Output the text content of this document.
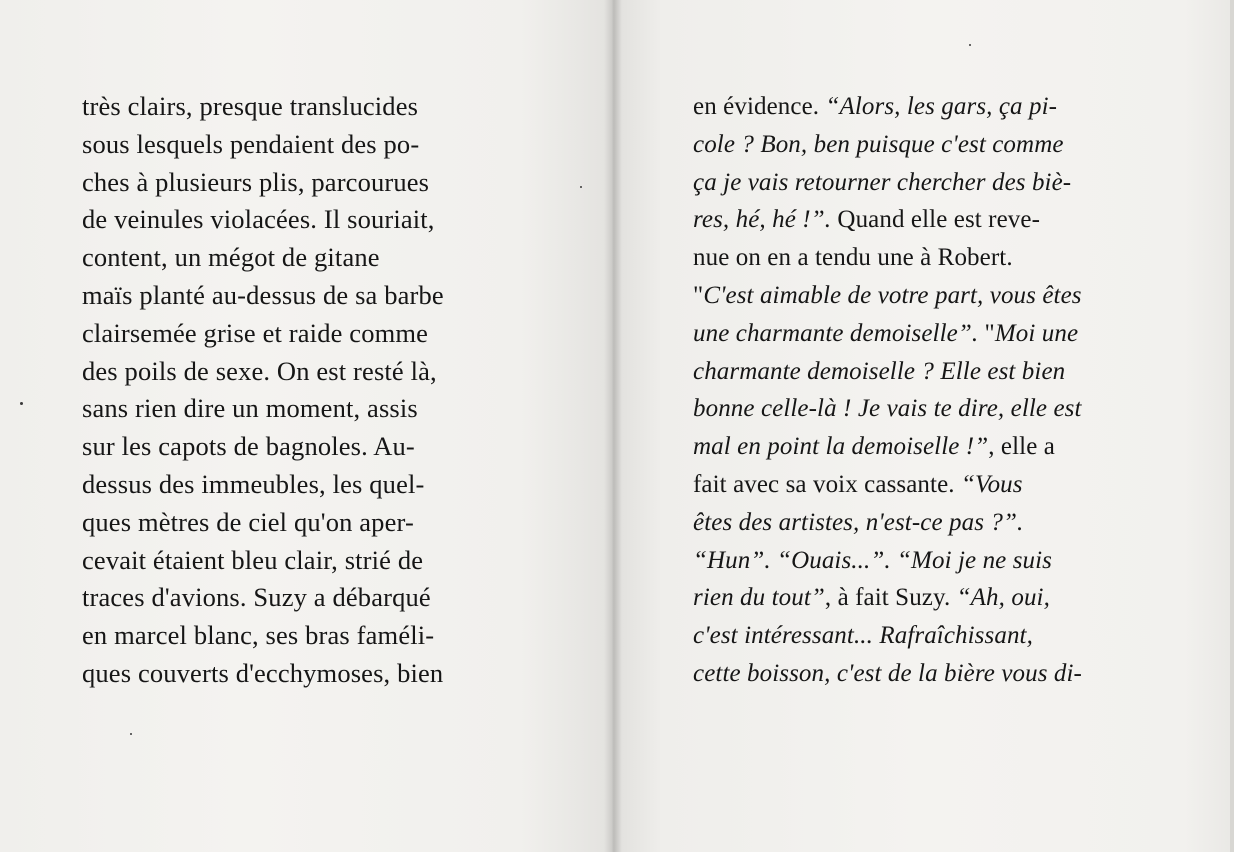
très clairs, presque translucides
sous lesquels pendaient des po-
ches à plusieurs plis, parcourues
de veinules violacées. Il souriait,
content, un mégot de gitane
maïs planté au-dessus de sa barbe
clairsemée grise et raide comme
des poils de sexe. On est resté là,
sans rien dire un moment, assis
sur les capots de bagnoles. Au-
dessus des immeubles, les quel-
ques mètres de ciel qu'on aper-
cevait étaient bleu clair, strié de
traces d'avions. Suzy a débarqué
en marcel blanc, ses bras faméli-
ques couverts d'ecchymoses, bien
en évidence. “Alors, les gars, ça pi-
cole ? Bon, ben puisque c'est comme
ça je vais retourner chercher des biè-
res, hé, hé !”. Quand elle est reve-
nue on en a tendu une à Robert.
"C'est aimable de votre part, vous êtes
une charmante demoiselle”. "Moi une
charmante demoiselle ? Elle est bien
bonne celle-là ! Je vais te dire, elle est
mal en point la demoiselle !”, elle a
fait avec sa voix cassante. “Vous
êtes des artistes, n'est-ce pas ?”.
“Hun”. “Ouais...”. “Moi je ne suis
rien du tout”, à fait Suzy. “Ah, oui,
c'est intéressant... Rafraîchissant,
cette boisson, c'est de la bière vous di-
